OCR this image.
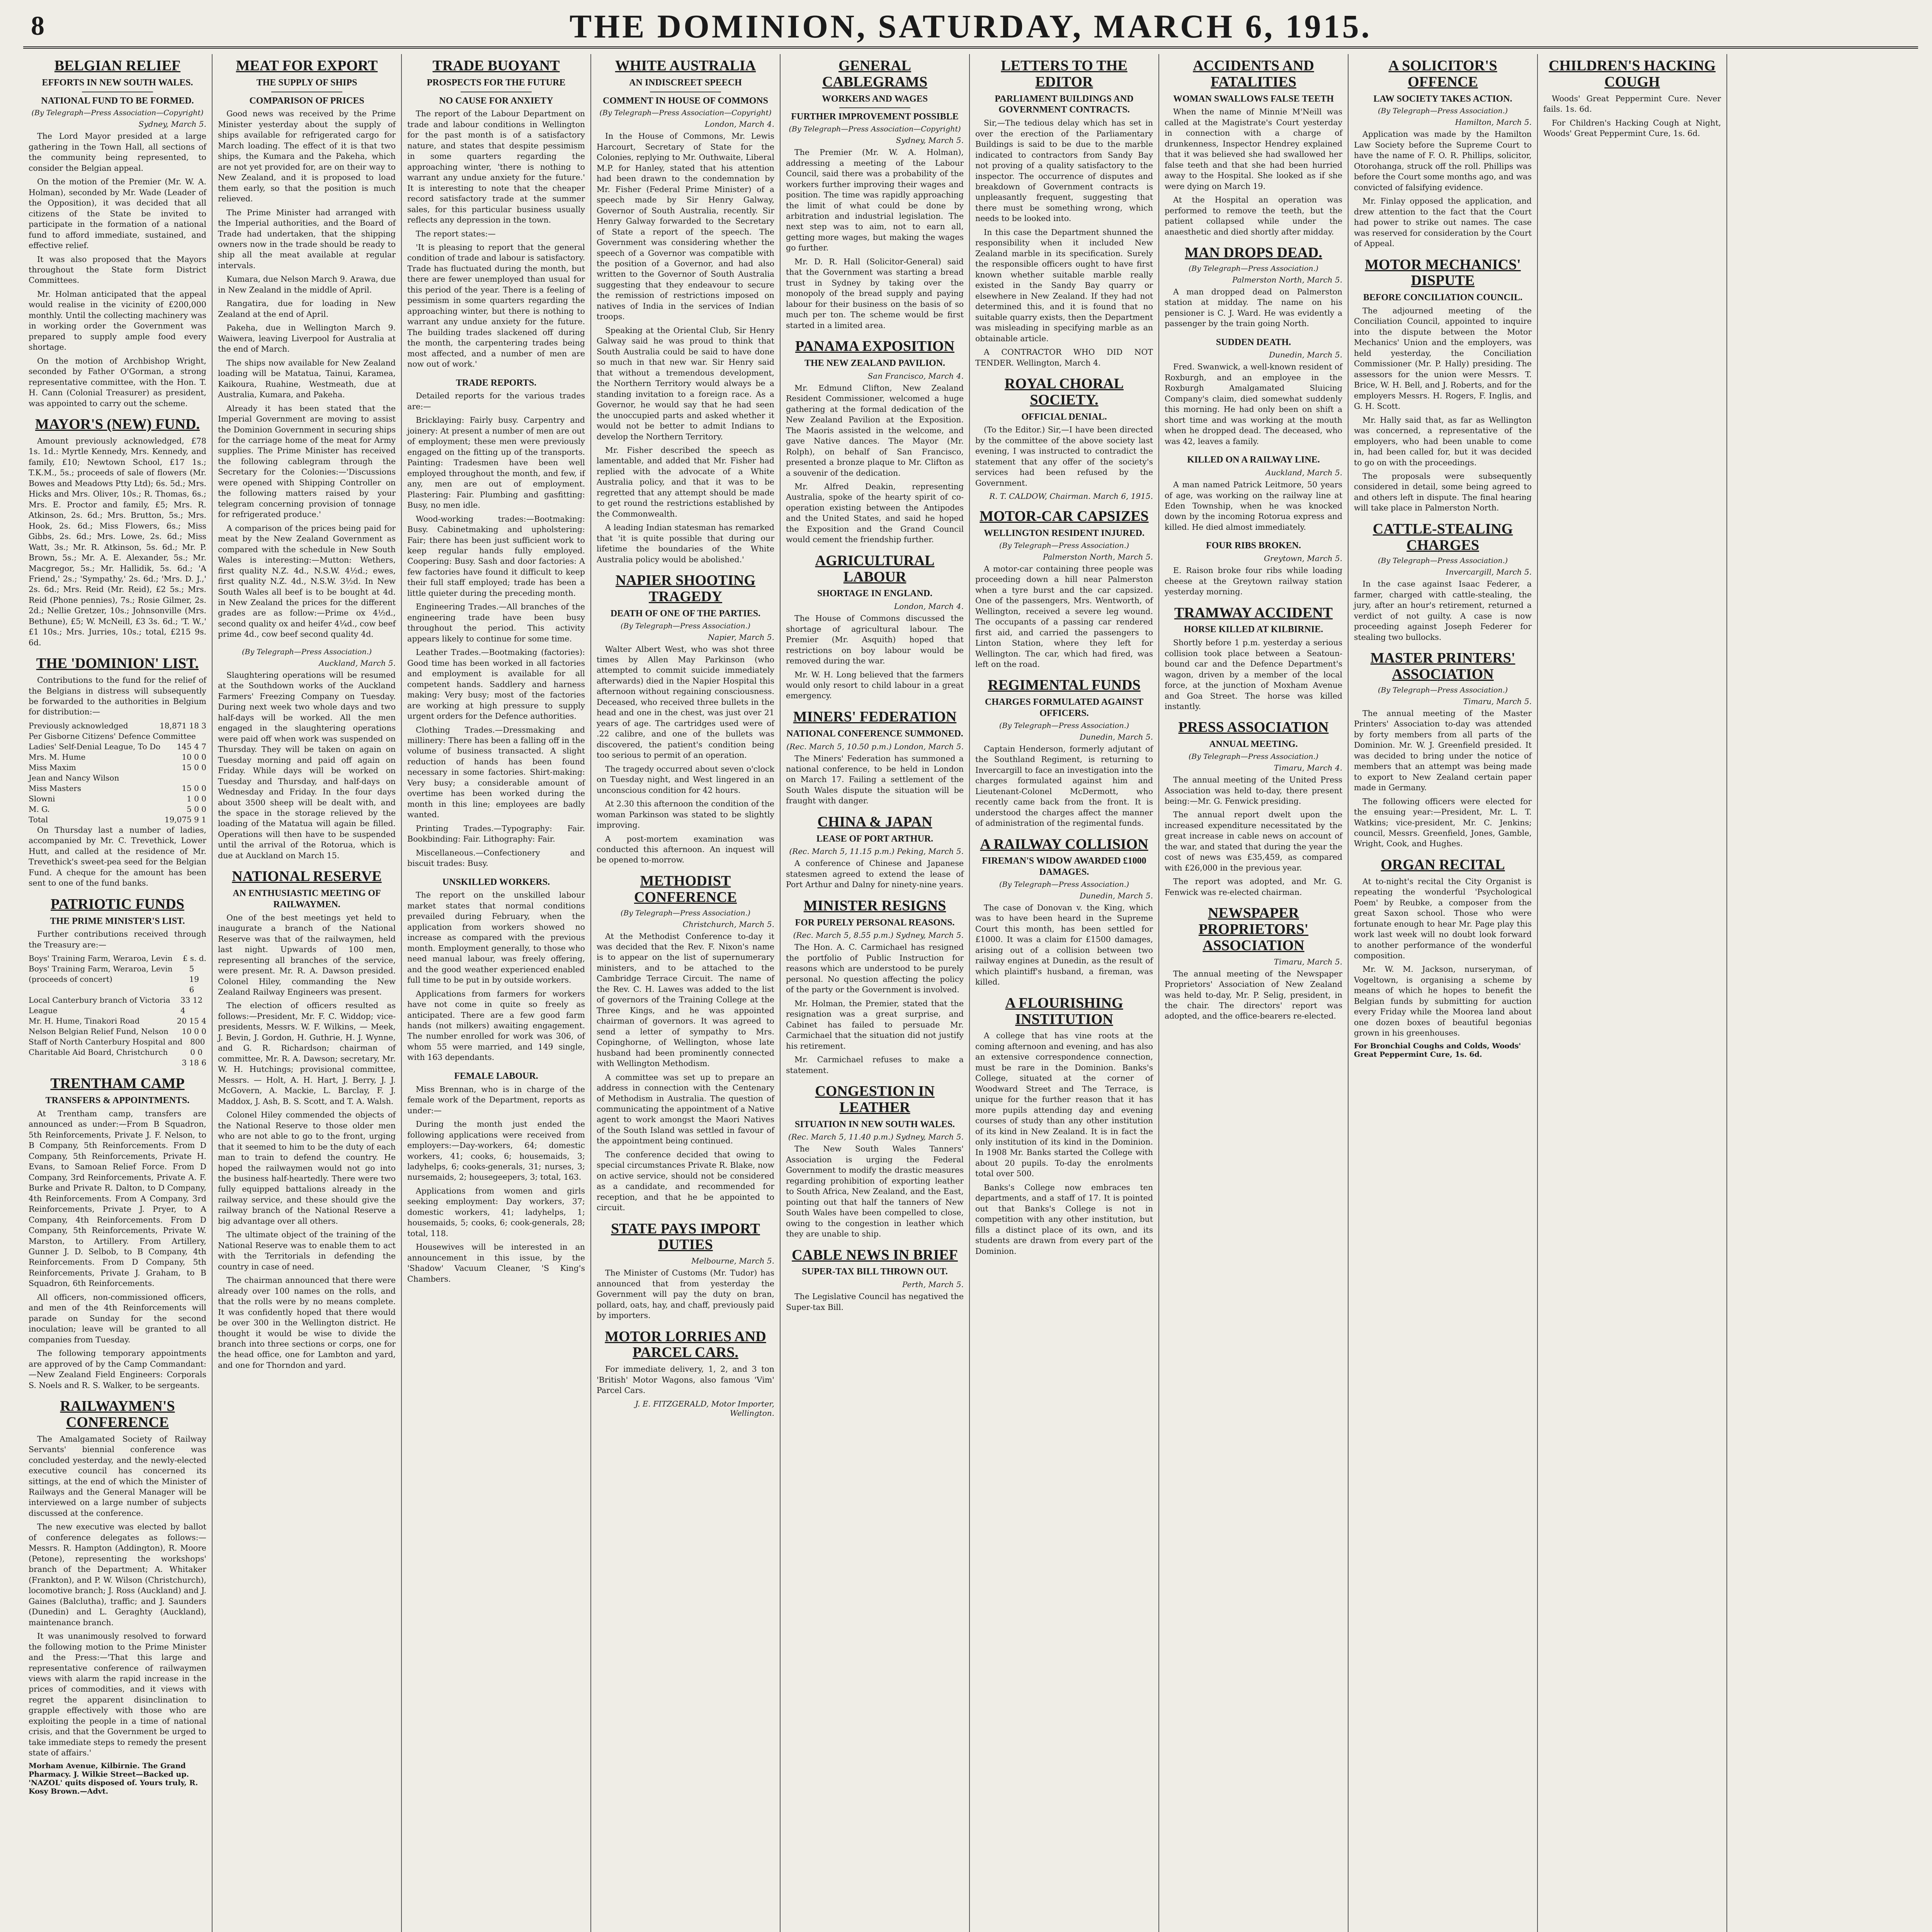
8	THE DOMINION, SATURDAY, MARCH 6, 1915.
BELGIAN RELIEF
EFFORTS IN NEW SOUTH WALES.
NATIONAL FUND TO BE FORMED.
(By Telegraph—Press Association—Copyright)
Sydney, March 5.

The Lord Mayor presided at a large gathering in the Town Hall, all sections of the community being represented, to consider the Belgian appeal.

On the motion of the Premier (Mr. W. A. Holman), seconded by Mr. Wade (Leader of the Opposition), it was decided that all citizens of the State be invited to participate in the formation of a national fund to afford immediate, sustained, and effective relief.

It was also proposed that the Mayors throughout the State form District Committees.

Mr. Holman anticipated that the appeal would realise in the vicinity of £200,000 monthly. Until the collecting machinery was in working order the Government was prepared to supply ample food every shortage.

On the motion of Archbishop Wright, seconded by Father O'Gorman, a strong representative committee, with the Hon. T. H. Cann (Colonial Treasurer) as president, was appointed to carry out the scheme.

MAYOR'S (NEW) FUND.

Amount previously acknowledged, £78 1s. 1d.: Myrtle Kennedy, Mrs. Kennedy, and family, £10; Newtown School, £17 1s.; T.K.M., 5s.; proceeds of sale of flowers (Mr. Bowes and Meadows Ptty Ltd); 6s. 5d.; Mrs. Hicks and Mrs. Oliver, 10s.; R. Thomas, 6s.; Mrs. E. Proctor and family, £5; Mrs. R. Atkinson, 2s. 6d.; Mrs. Brutton, 5s.; Mrs. Hook, 2s. 6d.; Miss Flowers, 6s.; Miss Gibbs, 2s. 6d.; Mrs. Lowe, 2s. 6d.; Miss Watt, 3s.; Mr. R. Atkinson, 5s. 6d.; Mr. P. Brown, 5s.; Mr. A. E. Alexander, 5s.; Mr. Macgregor, 5s.; Mr. Hallidik, 5s. 6d.; 'A Friend,' 2s.; 'Sympathy,' 2s. 6d.; 'Mrs. D. J.,' 2s. 6d.; Mrs. Reid (Mr. Reid), £2 5s.; Mrs. Reid (Phone pennies), 7s.; Rosie Gilmer, 2s. 2d.; Nellie Gretzer, 10s.; Johnsonville (Mrs. Bethune), £5; W. McNeill, £3 3s. 6d.; 'T. W.,' £1 10s.; Mrs. Jurries, 10s.; total, £215 9s. 6d.

THE 'DOMINION' LIST.

Contributions to the fund for the relief of the Belgians in distress will subsequently be forwarded to the authorities in Belgium for distribution:—

Previously acknowledged	18,871 18 3
Per Gisborne Citizens' Defence Committee
Ladies' Self-Denial League, To Do 145 4 7
Mrs. M. Hume	10 0 0
Miss Maxim	15 0 0
Jean and Nancy Wilson
Miss Masters	15 0 0
Slowni	1 0 0
M. G.	5 0 0
Total	19,075 9 1

On Thursday last a number of ladies, accompanied by Mr. C. Trevethick, Lower Hutt, and called at the residence of Mr. Trevethick's sweet-pea seed for the Belgian Fund. A cheque for the amount has been sent to one of the fund banks.

PATRIOTIC FUNDS
THE PRIME MINISTER'S LIST.

Further contributions received through the Treasury are:—

Boys' Training Farm, Weraroa, Levin £ s. d.
Boys' Training Farm, Weraroa, Levin (proceeds of concert)
5 19 6
Local Canterbury branch of Victoria League
33 12 4
Mr. H. Hume, Tinakori Road	20 15 4
Nelson Belgian Relief Fund, Nelson 10 0 0
Staff of North Canterbury Hospital and Charitable Aid Board, Christchurch
800 0 0
3 18 6
TRENTHAM CAMP
TRANSFERS & APPOINTMENTS.

At Trentham camp, transfers are announced as under:—From B Squadron, 5th Reinforcements, Private J. F. Nelson, to B Company, 5th Reinforcements. From D Company, 5th Reinforcements, Private H. Evans, to Samoan Relief Force. From D Company, 3rd Reinforcements, Private A. F. Burke and Private R. Dalton, to D Company, 4th Reinforcements. From A Company, 3rd Reinforcements, Private J. Pryer, to A Company, 4th Reinforcements. From D Company, 5th Reinforcements, Private W. Marston, to Artillery. From Artillery, Gunner J. D. Selbob, to B Company, 4th Reinforcements. From D Company, 5th Reinforcements, Private J. Graham, to B Squadron, 6th Reinforcements.

All officers, non-commissioned officers, and men of the 4th Reinforcements will parade on Sunday for the second inoculation; leave will be granted to all companies from Tuesday.

The following temporary appointments are approved of by the Camp Commandant:—New Zealand Field Engineers: Corporals S. Noels and R. S. Walker, to be sergeants.

RAILWAYMEN'S CONFERENCE

The Amalgamated Society of Railway Servants' biennial conference was concluded yesterday, and the newly-elected executive council has concerned its sittings, at the end of which the Minister of Railways and the General Manager will be interviewed on a large number of subjects discussed at the conference.

The new executive was elected by ballot of conference delegates as follows:—Messrs. R. Hampton (Addington), R. Moore (Petone), representing the workshops' branch of the Department; A. Whitaker (Frankton), and P. W. Wilson (Christchurch), locomotive branch; J. Ross (Auckland) and J. Gaines (Balclutha), traffic; and J. Saunders (Dunedin) and L. Geraghty (Auckland), maintenance branch.

It was unanimously resolved to forward the following motion to the Prime Minister and the Press:—'That this large and representative conference of railwaymen views with alarm the rapid increase in the prices of commodities, and it views with regret the apparent disinclination to grapple effectively with those who are exploiting the people in a time of national crisis, and that the Government be urged to take immediate steps to remedy the present state of affairs.'

Morham Avenue, Kilbirnie. The Grand Pharmacy. J. Wilkie Street—Backed up. 'NAZOL' quits disposed of. Yours truly, R. Kosy Brown.—Advt.
MEAT FOR EXPORT
THE SUPPLY OF SHIPS
COMPARISON OF PRICES

Good news was received by the Prime Minister yesterday about the supply of ships available for refrigerated cargo for March loading. The effect of it is that two ships, the Kumara and the Pakeha, which are not yet provided for, are on their way to New Zealand, and it is proposed to load them early, so that the position is much relieved.

The Prime Minister had arranged with the Imperial authorities, and the Board of Trade had undertaken, that the shipping owners now in the trade should be ready to ship all the meat available at regular intervals.

Kumara, due Nelson March 9. Arawa, due in New Zealand in the middle of April.

Rangatira, due for loading in New Zealand at the end of April.

Pakeha, due in Wellington March 9. Waiwera, leaving Liverpool for Australia at the end of March.

The ships now available for New Zealand loading will be Matatua, Tainui, Karamea, Kaikoura, Ruahine, Westmeath, due at Australia, Kumara, and Pakeha.

Already it has been stated that the Imperial Government are moving to assist the Dominion Government in securing ships for the carriage home of the meat for Army supplies. The Prime Minister has received the following cablegram through the Secretary for the Colonies:—'Discussions were opened with Shipping Controller on the following matters raised by your telegram concerning provision of tonnage for refrigerated produce.'

A comparison of the prices being paid for meat by the New Zealand Government as compared with the schedule in New South Wales is interesting:—Mutton: Wethers, first quality N.Z. 4d., N.S.W. 4½d.; ewes, first quality N.Z. 4d., N.S.W. 3½d. In New South Wales all beef is to be bought at 4d. in New Zealand the prices for the different grades are as follow:—Prime ox 4½d., second quality ox and heifer 4¼d., cow beef prime 4d., cow beef second quality 4d.

(By Telegraph—Press Association.)
Auckland, March 5.

Slaughtering operations will be resumed at the Southdown works of the Auckland Farmers' Freezing Company on Tuesday. During next week two whole days and two half-days will be worked. All the men engaged in the slaughtering operations were paid off when work was suspended on Thursday. They will be taken on again on Tuesday morning and paid off again on Friday. While days will be worked on Tuesday and Thursday, and half-days on Wednesday and Friday. In the four days about 3500 sheep will be dealt with, and the space in the storage relieved by the loading of the Matatua will again be filled. Operations will then have to be suspended until the arrival of the Rotorua, which is due at Auckland on March 15.

NATIONAL RESERVE
AN ENTHUSIASTIC MEETING OF RAILWAYMEN.

One of the best meetings yet held to inaugurate a branch of the National Reserve was that of the railwaymen, held last night. Upwards of 100 men, representing all branches of the service, were present. Mr. R. A. Dawson presided. Colonel Hiley, commanding the New Zealand Railway Engineers was present.

The election of officers resulted as follows:—President, Mr. F. C. Widdop; vice-presidents, Messrs. W. F. Wilkins, — Meek, J. Bevin, J. Gordon, H. Guthrie, H. J. Wynne, and G. R. Richardson; chairman of committee, Mr. R. A. Dawson; secretary, Mr. W. H. Hutchings; provisional committee, Messrs. — Holt, A. H. Hart, J. Berry, J. J. McGovern, A. Mackie, L. Barclay, F. J. Maddox, J. Ash, B. S. Scott, and T. A. Walsh.

Colonel Hiley commended the objects of the National Reserve to those older men who are not able to go to the front, urging that it seemed to him to be the duty of each man to train to defend the country. He hoped the railwaymen would not go into the business half-heartedly. There were two fully equipped battalions already in the railway service, and these should give the railway branch of the National Reserve a big advantage over all others.

The ultimate object of the training of the National Reserve was to enable them to act with the Territorials in defending the country in case of need.

The chairman announced that there were already over 100 names on the rolls, and that the rolls were by no means complete. It was confidently hoped that there would be over 300 in the Wellington district. He thought it would be wise to divide the branch into three sections or corps, one for the head office, one for Lambton and yard, and one for Thorndon and yard.

TRADE BUOYANT
PROSPECTS FOR THE FUTURE
NO CAUSE FOR ANXIETY

The report of the Labour Department on trade and labour conditions in Wellington for the past month is of a satisfactory nature, and states that despite pessimism in some quarters regarding the approaching winter, 'there is nothing to warrant any undue anxiety for the future.' It is interesting to note that the cheaper record satisfactory trade at the summer sales, for this particular business usually reflects any depression in the town.

The report states:—

'It is pleasing to report that the general condition of trade and labour is satisfactory. Trade has fluctuated during the month, but there are fewer unemployed than usual for this period of the year. There is a feeling of pessimism in some quarters regarding the approaching winter, but there is nothing to warrant any undue anxiety for the future. The building trades slackened off during the month, the carpentering trades being most affected, and a number of men are now out of work.'

TRADE REPORTS.

Detailed reports for the various trades are:—

Bricklaying: Fairly busy. Carpentry and joinery: At present a number of men are out of employment; these men were previously engaged on the fitting up of the transports. Painting: Tradesmen have been well employed throughout the month, and few, if any, men are out of employment. Plastering: Fair. Plumbing and gasfitting: Busy, no men idle.

Wood-working trades:—Bootmaking: Busy. Cabinetmaking and upholstering: Fair; there has been just sufficient work to keep regular hands fully employed. Coopering: Busy. Sash and door factories: A few factories have found it difficult to keep their full staff employed; trade has been a little quieter during the preceding month.

Engineering Trades.—All branches of the engineering trade have been busy throughout the period. This activity appears likely to continue for some time.

Leather Trades.—Bootmaking (factories): Good time has been worked in all factories and employment is available for all competent hands. Saddlery and harness making: Very busy; most of the factories are working at high pressure to supply urgent orders for the Defence authorities.

Clothing Trades.—Dressmaking and millinery: There has been a falling off in the volume of business transacted. A slight reduction of hands has been found necessary in some factories. Shirt-making: Very busy; a considerable amount of overtime has been worked during the month in this line; employees are badly wanted.

Printing Trades.—Typography: Fair. Bookbinding: Fair. Lithography: Fair.

Miscellaneous.—Confectionery and biscuit trades: Busy.

UNSKILLED WORKERS.

The report on the unskilled labour market states that normal conditions prevailed during February, when the application from workers showed no increase as compared with the previous month. Employment generally, to those who need manual labour, was freely offering, and the good weather experienced enabled full time to be put in by outside workers.

Applications from farmers for workers have not come in quite so freely as anticipated. There are a few good farm hands (not milkers) awaiting engagement. The number enrolled for work was 306, of whom 55 were married, and 149 single, with 163 dependants.

FEMALE LABOUR.

Miss Brennan, who is in charge of the female work of the Department, reports as under:—

During the month just ended the following applications were received from employers:—Day-workers, 64; domestic workers, 41; cooks, 6; housemaids, 3; ladyhelps, 6; cooks-generals, 31; nurses, 3; nursemaids, 2; housegeepers, 3; total, 163.

Applications from women and girls seeking employment: Day workers, 37; domestic workers, 41; ladyhelps, 1; housemaids, 5; cooks, 6; cook-generals, 28; total, 118.

Housewives will be interested in an announcement in this issue, by the 'Shadow' Vacuum Cleaner, 'S King's Chambers.

WHITE AUSTRALIA
AN INDISCREET SPEECH
COMMENT IN HOUSE OF COMMONS
(By Telegraph—Press Association—Copyright)
London, March 4.

In the House of Commons, Mr. Lewis Harcourt, Secretary of State for the Colonies, replying to Mr. Outhwaite, Liberal M.P. for Hanley, stated that his attention had been drawn to the condemnation by Mr. Fisher (Federal Prime Minister) of a speech made by Sir Henry Galway, Governor of South Australia, recently. Sir Henry Galway forwarded to the Secretary of State a report of the speech. The Government was considering whether the speech of a Governor was compatible with the position of a Governor, and had also written to the Governor of South Australia suggesting that they endeavour to secure the remission of restrictions imposed on natives of India in the services of Indian troops.

Speaking at the Oriental Club, Sir Henry Galway said he was proud to think that South Australia could be said to have done so much in that new war. Sir Henry said that without a tremendous development, the Northern Territory would always be a standing invitation to a foreign race. As a Governor, he would say that he had seen the unoccupied parts and asked whether it would not be better to admit Indians to develop the Northern Territory.

Mr. Fisher described the speech as lamentable, and added that Mr. Fisher had replied with the advocate of a White Australia policy, and that it was to be regretted that any attempt should be made to get round the restrictions established by the Commonwealth.

A leading Indian statesman has remarked that 'it is quite possible that during our lifetime the boundaries of the White Australia policy would be abolished.'

NAPIER SHOOTING TRAGEDY
DEATH OF ONE OF THE PARTIES.
(By Telegraph—Press Association.)
Napier, March 5.

Walter Albert West, who was shot three times by Allen May Parkinson (who attempted to commit suicide immediately afterwards) died in the Napier Hospital this afternoon without regaining consciousness. Deceased, who received three bullets in the head and one in the chest, was just over 21 years of age. The cartridges used were of .22 calibre, and one of the bullets was discovered, the patient's condition being too serious to permit of an operation.

The tragedy occurred about seven o'clock on Tuesday night, and West lingered in an unconscious condition for 42 hours.

At 2.30 this afternoon the condition of the woman Parkinson was stated to be slightly improving.

A post-mortem examination was conducted this afternoon. An inquest will be opened to-morrow.

METHODIST CONFERENCE
(By Telegraph—Press Association.)
Christchurch, March 5.

At the Methodist Conference to-day it was decided that the Rev. F. Nixon's name is to appear on the list of supernumerary ministers, and to be attached to the Cambridge Terrace Circuit. The name of the Rev. C. H. Lawes was added to the list of governors of the Training College at the Three Kings, and he was appointed chairman of governors. It was agreed to send a letter of sympathy to Mrs. Copinghorne, of Wellington, whose late husband had been prominently connected with Wellington Methodism.

A committee was set up to prepare an address in connection with the Centenary of Methodism in Australia. The question of communicating the appointment of a Native agent to work amongst the Maori Natives of the South Island was settled in favour of the appointment being continued.

The conference decided that owing to special circumstances Private R. Blake, now on active service, should not be considered as a candidate, and recommended for reception, and that he be appointed to circuit.

STATE PAYS IMPORT DUTIES
Melbourne, March 5.

The Minister of Customs (Mr. Tudor) has announced that from yesterday the Government will pay the duty on bran, pollard, oats, hay, and chaff, previously paid by importers.

MOTOR LORRIES AND PARCEL CARS.

For immediate delivery, 1, 2, and 3 ton 'British' Motor Wagons, also famous 'Vim' Parcel Cars.

J. E. FITZGERALD, Motor Importer, Wellington.
GENERAL CABLEGRAMS
WORKERS AND WAGES
FURTHER IMPROVEMENT POSSIBLE
(By Telegraph—Press Association—Copyright)
Sydney, March 5.

The Premier (Mr. W. A. Holman), addressing a meeting of the Labour Council, said there was a probability of the workers further improving their wages and position. The time was rapidly approaching the limit of what could be done by arbitration and industrial legislation. The next step was to aim, not to earn all, getting more wages, but making the wages go further.

Mr. D. R. Hall (Solicitor-General) said that the Government was starting a bread trust in Sydney by taking over the monopoly of the bread supply and paying labour for their business on the basis of so much per ton. The scheme would be first started in a limited area.

PANAMA EXPOSITION
THE NEW ZEALAND PAVILION.
San Francisco, March 4.

Mr. Edmund Clifton, New Zealand Resident Commissioner, welcomed a huge gathering at the formal dedication of the New Zealand Pavilion at the Exposition. The Maoris assisted in the welcome, and gave Native dances. The Mayor (Mr. Rolph), on behalf of San Francisco, presented a bronze plaque to Mr. Clifton as a souvenir of the dedication.

Mr. Alfred Deakin, representing Australia, spoke of the hearty spirit of co-operation existing between the Antipodes and the United States, and said he hoped the Exposition and the Grand Council would cement the friendship further.

AGRICULTURAL LABOUR
SHORTAGE IN ENGLAND.
London, March 4.

The House of Commons discussed the shortage of agricultural labour. The Premier (Mr. Asquith) hoped that restrictions on boy labour would be removed during the war.

Mr. W. H. Long believed that the farmers would only resort to child labour in a great emergency.

MINERS' FEDERATION
NATIONAL CONFERENCE SUMMONED.
(Rec. March 5, 10.50 p.m.) London, March 5.

The Miners' Federation has summoned a national conference, to be held in London on March 17. Failing a settlement of the South Wales dispute the situation will be fraught with danger.

CHINA & JAPAN
LEASE OF PORT ARTHUR.
(Rec. March 5, 11.15 p.m.) Peking, March 5.

A conference of Chinese and Japanese statesmen agreed to extend the lease of Port Arthur and Dalny for ninety-nine years.

MINISTER RESIGNS
FOR PURELY PERSONAL REASONS.
(Rec. March 5, 8.55 p.m.) Sydney, March 5.

The Hon. A. C. Carmichael has resigned the portfolio of Public Instruction for reasons which are understood to be purely personal. No question affecting the policy of the party or the Government is involved.

Mr. Holman, the Premier, stated that the resignation was a great surprise, and Cabinet has failed to persuade Mr. Carmichael that the situation did not justify his retirement.

Mr. Carmichael refuses to make a statement.

CONGESTION IN LEATHER
SITUATION IN NEW SOUTH WALES.
(Rec. March 5, 11.40 p.m.) Sydney, March 5.

The New South Wales Tanners' Association is urging the Federal Government to modify the drastic measures regarding prohibition of exporting leather to South Africa, New Zealand, and the East, pointing out that half the tanners of New South Wales have been compelled to close, owing to the congestion in leather which they are unable to ship.

CABLE NEWS IN BRIEF
SUPER-TAX BILL THROWN OUT.
Perth, March 5.

The Legislative Council has negatived the Super-tax Bill.

LETTERS TO THE EDITOR
PARLIAMENT BUILDINGS AND GOVERNMENT CONTRACTS.

Sir,—The tedious delay which has set in over the erection of the Parliamentary Buildings is said to be due to the marble indicated to contractors from Sandy Bay not proving of a quality satisfactory to the inspector. The occurrence of disputes and breakdown of Government contracts is unpleasantly frequent, suggesting that there must be something wrong, which needs to be looked into.

In this case the Department shunned the responsibility when it included New Zealand marble in its specification. Surely the responsible officers ought to have first known whether suitable marble really existed in the Sandy Bay quarry or elsewhere in New Zealand. If they had not determined this, and it is found that no suitable quarry exists, then the Department was misleading in specifying marble as an obtainable article.

A CONTRACTOR WHO DID NOT TENDER. Wellington, March 4.

ROYAL CHORAL SOCIETY.
OFFICIAL DENIAL.

(To the Editor.) Sir,—I have been directed by the committee of the above society last evening, I was instructed to contradict the statement that any offer of the society's services had been refused by the Government.

R. T. CALDOW, Chairman. March 6, 1915.
MOTOR-CAR CAPSIZES
WELLINGTON RESIDENT INJURED.
(By Telegraph—Press Association.)
Palmerston North, March 5.

A motor-car containing three people was proceeding down a hill near Palmerston when a tyre burst and the car capsized. One of the passengers, Mrs. Wentworth, of Wellington, received a severe leg wound. The occupants of a passing car rendered first aid, and carried the passengers to Linton Station, where they left for Wellington. The car, which had fired, was left on the road.

REGIMENTAL FUNDS
CHARGES FORMULATED AGAINST OFFICERS.
(By Telegraph—Press Association.)
Dunedin, March 5.

Captain Henderson, formerly adjutant of the Southland Regiment, is returning to Invercargill to face an investigation into the charges formulated against him and Lieutenant-Colonel McDermott, who recently came back from the front. It is understood the charges affect the manner of administration of the regimental funds.

A RAILWAY COLLISION
FIREMAN'S WIDOW AWARDED £1000 DAMAGES.
(By Telegraph—Press Association.)
Dunedin, March 5.

The case of Donovan v. the King, which was to have been heard in the Supreme Court this month, has been settled for £1000. It was a claim for £1500 damages, arising out of a collision between two railway engines at Dunedin, as the result of which plaintiff's husband, a fireman, was killed.

A FLOURISHING INSTITUTION

A college that has vine roots at the coming afternoon and evening, and has also an extensive correspondence connection, must be rare in the Dominion. Banks's College, situated at the corner of Woodward Street and The Terrace, is unique for the further reason that it has more pupils attending day and evening courses of study than any other institution of its kind in New Zealand. It is in fact the only institution of its kind in the Dominion. In 1908 Mr. Banks started the College with about 20 pupils. To-day the enrolments total over 500.

Banks's College now embraces ten departments, and a staff of 17. It is pointed out that Banks's College is not in competition with any other institution, but fills a distinct place of its own, and its students are drawn from every part of the Dominion.

ACCIDENTS AND FATALITIES
WOMAN SWALLOWS FALSE TEETH

When the name of Minnie M'Neill was called at the Magistrate's Court yesterday in connection with a charge of drunkenness, Inspector Hendrey explained that it was believed she had swallowed her false teeth and that she had been hurried away to the Hospital. She looked as if she were dying on March 19.

At the Hospital an operation was performed to remove the teeth, but the patient collapsed while under the anaesthetic and died shortly after midday.

MAN DROPS DEAD.
(By Telegraph—Press Association.)
Palmerston North, March 5.

A man dropped dead on Palmerston station at midday. The name on his pensioner is C. J. Ward. He was evidently a passenger by the train going North.

SUDDEN DEATH.
Dunedin, March 5.

Fred. Swanwick, a well-known resident of Roxburgh, and an employee in the Roxburgh Amalgamated Sluicing Company's claim, died somewhat suddenly this morning. He had only been on shift a short time and was working at the mouth when he dropped dead. The deceased, who was 42, leaves a family.

KILLED ON A RAILWAY LINE.
Auckland, March 5.

A man named Patrick Leitmore, 50 years of age, was working on the railway line at Eden Township, when he was knocked down by the incoming Rotorua express and killed. He died almost immediately.

FOUR RIBS BROKEN.
Greytown, March 5.

E. Raison broke four ribs while loading cheese at the Greytown railway station yesterday morning.

TRAMWAY ACCIDENT
HORSE KILLED AT KILBIRNIE.

Shortly before 1 p.m. yesterday a serious collision took place between a Seatoun-bound car and the Defence Department's wagon, driven by a member of the local force, at the junction of Moxham Avenue and Goa Street. The horse was killed instantly.

PRESS ASSOCIATION
ANNUAL MEETING.
(By Telegraph—Press Association.)
Timaru, March 4.

The annual meeting of the United Press Association was held to-day, there present being:—Mr. G. Fenwick presiding.

The annual report dwelt upon the increased expenditure necessitated by the great increase in cable news on account of the war, and stated that during the year the cost of news was £35,459, as compared with £26,000 in the previous year.

The report was adopted, and Mr. G. Fenwick was re-elected chairman.

NEWSPAPER PROPRIETORS' ASSOCIATION
Timaru, March 5.

The annual meeting of the Newspaper Proprietors' Association of New Zealand was held to-day, Mr. P. Selig, president, in the chair. The directors' report was adopted, and the office-bearers re-elected.

A SOLICITOR'S OFFENCE
LAW SOCIETY TAKES ACTION.
(By Telegraph—Press Association.)
Hamilton, March 5.

Application was made by the Hamilton Law Society before the Supreme Court to have the name of F. O. R. Phillips, solicitor, Otorohanga, struck off the roll. Phillips was before the Court some months ago, and was convicted of falsifying evidence.

Mr. Finlay opposed the application, and drew attention to the fact that the Court had power to strike out names. The case was reserved for consideration by the Court of Appeal.

MOTOR MECHANICS' DISPUTE
BEFORE CONCILIATION COUNCIL.

The adjourned meeting of the Conciliation Council, appointed to inquire into the dispute between the Motor Mechanics' Union and the employers, was held yesterday, the Conciliation Commissioner (Mr. P. Hally) presiding. The assessors for the union were Messrs. T. Brice, W. H. Bell, and J. Roberts, and for the employers Messrs. H. Rogers, F. Inglis, and G. H. Scott.

Mr. Hally said that, as far as Wellington was concerned, a representative of the employers, who had been unable to come in, had been called for, but it was decided to go on with the proceedings.

The proposals were subsequently considered in detail, some being agreed to and others left in dispute. The final hearing will take place in Palmerston North.

CATTLE-STEALING CHARGES
(By Telegraph—Press Association.)
Invercargill, March 5.

In the case against Isaac Federer, a farmer, charged with cattle-stealing, the jury, after an hour's retirement, returned a verdict of not guilty. A case is now proceeding against Joseph Federer for stealing two bullocks.

MASTER PRINTERS' ASSOCIATION
(By Telegraph—Press Association.)
Timaru, March 5.

The annual meeting of the Master Printers' Association to-day was attended by forty members from all parts of the Dominion. Mr. W. J. Greenfield presided. It was decided to bring under the notice of members that an attempt was being made to export to New Zealand certain paper made in Germany.

The following officers were elected for the ensuing year:—President, Mr. L. T. Watkins; vice-president, Mr. C. Jenkins; council, Messrs. Greenfield, Jones, Gamble, Wright, Cook, and Hughes.

ORGAN RECITAL

At to-night's recital the City Organist is repeating the wonderful 'Psychological Poem' by Reubke, a composer from the great Saxon school. Those who were fortunate enough to hear Mr. Page play this work last week will no doubt look forward to another performance of the wonderful composition.

Mr. W. M. Jackson, nurseryman, of Vogeltown, is organising a scheme by means of which he hopes to benefit the Belgian funds by submitting for auction every Friday while the Moorea land about one dozen boxes of beautiful begonias grown in his greenhouses.

For Bronchial Coughs and Colds, Woods' Great Peppermint Cure, 1s. 6d.
CHILDREN'S HACKING COUGH

Woods' Great Peppermint Cure. Never fails. 1s. 6d.

For Children's Hacking Cough at Night, Woods' Great Peppermint Cure, 1s. 6d.
